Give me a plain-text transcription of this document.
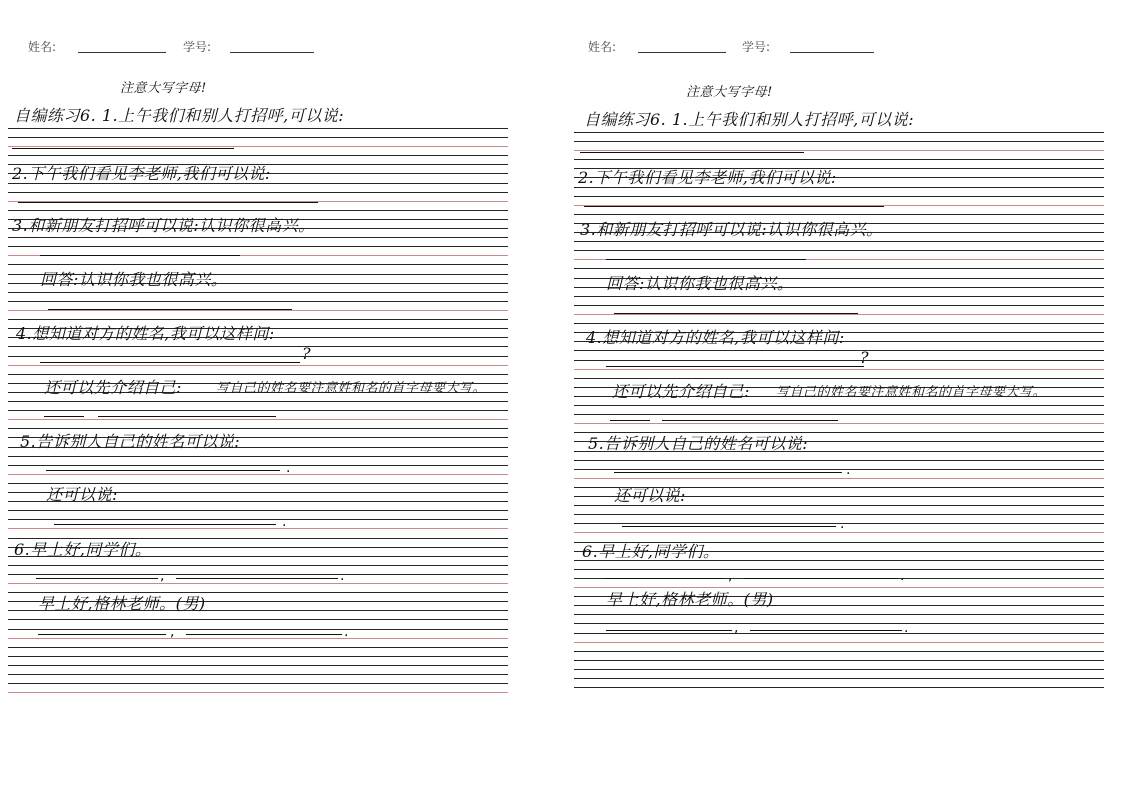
姓名:	学号:
注意大写字母!
自编练习6. 1.上午我们和别人打招呼,可以说:
2.下午我们看见李老师,我们可以说:
3.和新朋友打招呼可以说:认识你很高兴。
回答:认识你我也很高兴。
4.想知道对方的姓名,我可以这样问:
?
还可以先介绍自己:	写自己的姓名要注意姓和名的首字母要大写。
5.告诉别人自己的姓名可以说:
.
还可以说:
.
6.早上好,同学们。
,	.
早上好,格林老师。(男)
,	.
姓名:	学号:
注意大写字母!
自编练习6. 1.上午我们和别人打招呼,可以说:
2.下午我们看见李老师,我们可以说:
3.和新朋友打招呼可以说:认识你很高兴。
回答:认识你我也很高兴。
4.想知道对方的姓名,我可以这样问:
?
还可以先介绍自己: 写自己的姓名要注意姓和名的首字母要大写。
5.告诉别人自己的姓名可以说:
.
还可以说:
.
6.早上好,同学们。
,	.
早上好,格林老师。(男)
,	.
